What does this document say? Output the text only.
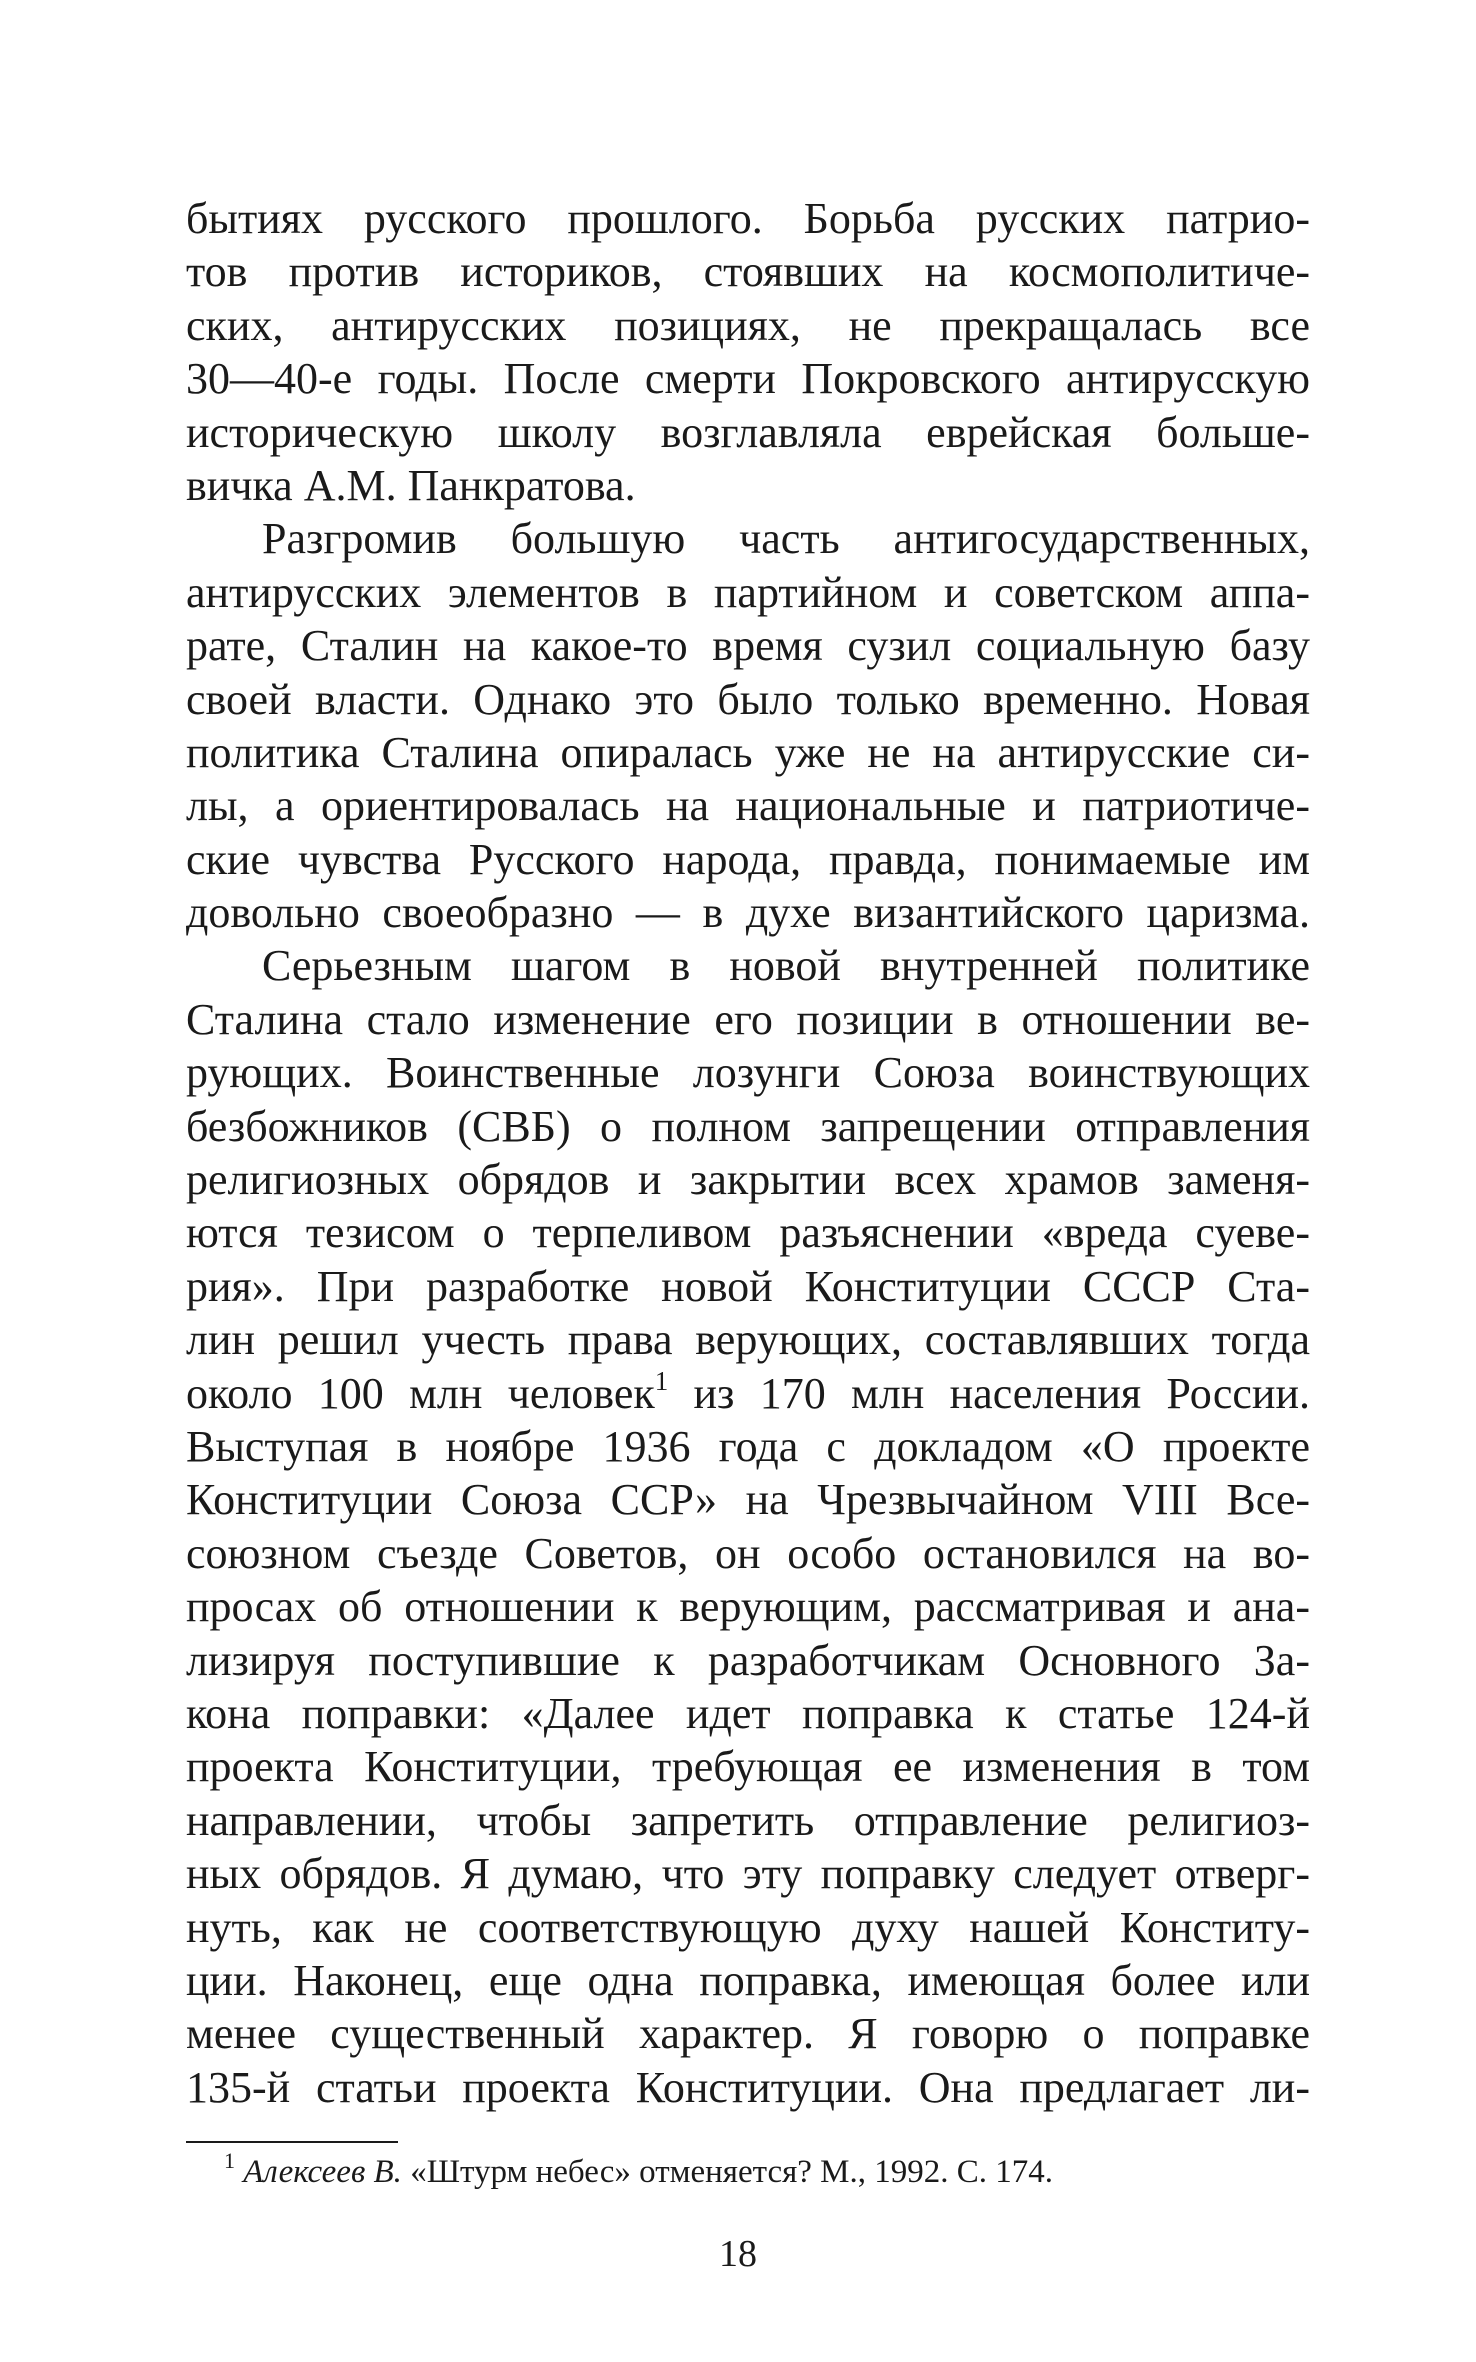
бытиях русского прошлого. Борьба русских патрио-
тов против историков, стоявших на космополитиче-
ских, антирусских позициях, не прекращалась все
30—40-е годы. После смерти Покровского антирусскую
историческую школу возглавляла еврейская больше-
вичка А.М. Панкратова.
Разгромив большую часть антигосударственных,
антирусских элементов в партийном и советском аппа-
рате, Сталин на какое-то время сузил социальную базу
своей власти. Однако это было только временно. Новая
политика Сталина опиралась уже не на антирусские си-
лы, а ориентировалась на национальные и патриотиче-
ские чувства Русского народа, правда, понимаемые им
довольно своеобразно — в духе византийского царизма.
Серьезным шагом в новой внутренней политике
Сталина стало изменение его позиции в отношении ве-
рующих. Воинственные лозунги Союза воинствующих
безбожников (СВБ) о полном запрещении отправления
религиозных обрядов и закрытии всех храмов заменя-
ются тезисом о терпеливом разъяснении «вреда суеве-
рия». При разработке новой Конституции СССР Ста-
лин решил учесть права верующих, составлявших тогда
около 100 млн человек$^1$ из 170 млн населения России.
Выступая в ноябре 1936 года с докладом «О проекте
Конституции Союза ССР» на Чрезвычайном VIII Все-
союзном съезде Советов, он особо остановился на во-
просах об отношении к верующим, рассматривая и ана-
лизируя поступившие к разработчикам Основного За-
кона поправки: «Далее идет поправка к статье 124-й
проекта Конституции, требующая ее изменения в том
направлении, чтобы запретить отправление религиоз-
ных обрядов. Я думаю, что эту поправку следует отверг-
нуть, как не соответствующую духу нашей Конститу-
ции. Наконец, еще одна поправка, имеющая более или
менее существенный характер. Я говорю о поправке
135-й статьи проекта Конституции. Она предлагает ли-
$^1$ Алексеев В. «Штурм небес» отменяется? М., 1992. С. 174.
18
